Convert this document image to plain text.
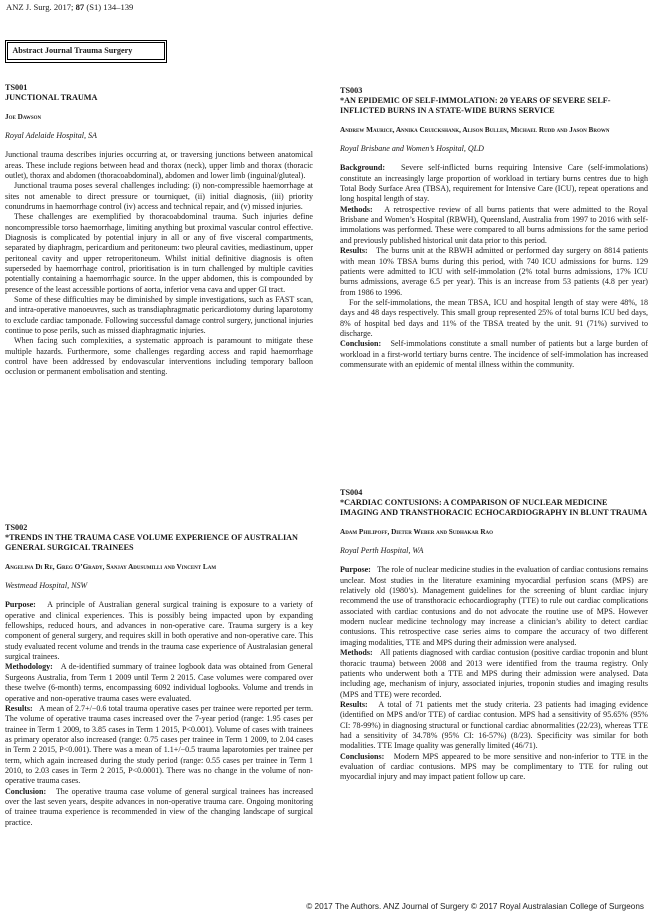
ANZ J. Surg. 2017; 87 (S1) 134–139
Abstract Journal Trauma Surgery

TS001

JUNCTIONAL TRAUMA

Joe Dawson

Royal Adelaide Hospital, SA

Junctional trauma describes injuries occurring at, or traversing junctions between anatomical areas. These include regions between head and thorax (neck), upper limb and thorax (thoracic outlet), thorax and abdomen (thoracoabdominal), abdomen and lower limb (inguinal/gluteal).

Junctional trauma poses several challenges including: (i) non-compressible haemorrhage at sites not amenable to direct pressure or tourniquet, (ii) initial diagnosis, (iii) priority conundrums in haemorrhage control (iv) access and technical repair, and (v) missed injuries.

These challenges are exemplified by thoracoabdominal trauma. Such injuries define noncompressible torso haemorrhage, limiting anything but proximal vascular control effective. Diagnosis is complicated by potential injury in all or any of five visceral compartments, separated by diaphragm, pericardium and peritoneum: two pleural cavities, mediastinum, upper peritoneal cavity and upper retroperitoneum. Whilst initial definitive diagnosis is often superseded by haemorrhage control, prioritisation is in turn challenged by multiple cavities potentially containing a haemorrhagic source. In the upper abdomen, this is compounded by presence of the least accessible portions of aorta, inferior vena cava and upper GI tract.

Some of these difficulties may be diminished by simple investigations, such as FAST scan, and intra-operative manoeuvres, such as transdiaphragmatic pericardiotomy during laparotomy to exclude cardiac tamponade. Following successful damage control surgery, junctional injuries continue to pose perils, such as missed diaphragmatic injuries.

When facing such complexities, a systematic approach is paramount to mitigate these multiple hazards. Furthermore, some challenges regarding access and rapid haemorrhage control have been addressed by endovascular interventions including temporary balloon occlusion or permanent embolisation and stenting.

TS002

*TRENDS IN THE TRAUMA CASE VOLUME EXPERIENCE OF AUSTRALIAN GENERAL SURGICAL TRAINEES

Angelina Di Re, Greg O’Grady, Sanjay Adusumilli and Vincent Lam

Westmead Hospital, NSW

Purpose: A principle of Australian general surgical training is exposure to a variety of operative and clinical experiences. This is possibly being impacted upon by expanding fellowships, reduced hours, and advances in non-operative care. Trauma surgery is a key component of general surgery, and requires skill in both operative and non-operative care. This study evaluated recent volume and trends in the trauma case experience of Australasian general surgical trainees.

Methodology: A de-identified summary of trainee logbook data was obtained from General Surgeons Australia, from Term 1 2009 until Term 2 2015. Case volumes were compared over these twelve (6-month) terms, encompassing 6092 individual logbooks. Volume and trends in operative and non-operative trauma cases were evaluated.

Results: A mean of 2.7+/−0.6 total trauma operative cases per trainee were reported per term. The volume of operative trauma cases increased over the 7-year period (range: 1.95 cases per trainee in Term 1 2009, to 3.85 cases in Term 1 2015, P<0.001). Volume of cases with trainees as primary operator also increased (range: 0.75 cases per trainee in Term 1 2009, to 2.04 cases in Term 2 2015, P<0.001). There was a mean of 1.1+/−0.5 trauma laparotomies per trainee per term, which again increased during the study period (range: 0.55 cases per trainee in Term 1 2010, to 2.03 cases in Term 2 2015, P<0.0001). There was no change in the volume of non-operative trauma cases.

Conclusion: The operative trauma case volume of general surgical trainees has increased over the last seven years, despite advances in non-operative trauma care. Ongoing monitoring of trainee trauma experience is recommended in view of the changing landscape of surgical practice.

TS003

*AN EPIDEMIC OF SELF-IMMOLATION: 20 YEARS OF SEVERE SELF-INFLICTED BURNS IN A STATE-WIDE BURNS SERVICE

Andrew Maurice, Annika Cruickshank, Alison Bullen, Michael Rudd and Jason Brown

Royal Brisbane and Women’s Hospital, QLD

Background: Severe self-inflicted burns requiring Intensive Care (self-immolations) constitute an increasingly large proportion of workload in tertiary burns centres due to high Total Body Surface Area (TBSA), requirement for Intensive Care (ICU), repeat operations and long hospital length of stay.

Methods: A retrospective review of all burns patients that were admitted to the Royal Brisbane and Women’s Hospital (RBWH), Queensland, Australia from 1997 to 2016 with self-immolations was performed. These were compared to all burns admissions for the same period and previously published historical unit data prior to this period.

Results: The burns unit at the RBWH admitted or performed day surgery on 8814 patients with mean 10% TBSA burns during this period, with 740 ICU admissions for burns. 129 patients were admitted to ICU with self-immolation (2% total burns admissions, 17% ICU burns admissions, average 6.5 per year). This is an increase from 53 patients (4.8 per year) from 1986 to 1996.

For the self-immolations, the mean TBSA, ICU and hospital length of stay were 48%, 18 days and 48 days respectively. This small group represented 25% of total burns ICU bed days, 8% of hospital bed days and 11% of the TBSA treated by the unit. 91 (71%) survived to discharge.

Conclusion: Self-immolations constitute a small number of patients but a large burden of workload in a first-world tertiary burns centre. The incidence of self-immolation has increased commensurate with an epidemic of mental illness within the community.

TS004

*CARDIAC CONTUSIONS: A COMPARISON OF NUCLEAR MEDICINE IMAGING AND TRANSTHORACIC ECHOCARDIOGRAPHY IN BLUNT TRAUMA

Adam Philipoff, Dieter Weber and Sudhakar Rao

Royal Perth Hospital, WA

Purpose: The role of nuclear medicine studies in the evaluation of cardiac contusions remains unclear. Most studies in the literature examining myocardial perfusion scans (MPS) are relatively old (1980’s). Management guidelines for the screening of blunt cardiac injury recommend the use of transthoracic echocardiography (TTE) to rule out cardiac complications associated with cardiac contusions and do not advocate the routine use of MPS. However modern nuclear medicine technology may increase a clinician’s ability to detect cardiac contusions. This retrospective case series aims to compare the accuracy of two different imaging modalities, TTE and MPS during their admission were analysed.

Methods: All patients diagnosed with cardiac contusion (positive cardiac troponin and blunt thoracic trauma) between 2008 and 2013 were identified from the trauma registry. Only patients who underwent both a TTE and MPS during their admission were analysed. Data including age, mechanism of injury, associated injuries, troponin studies and imaging results (MPS and TTE) were recorded.

Results: A total of 71 patients met the study criteria. 23 patients had imaging evidence (identified on MPS and/or TTE) of cardiac contusion. MPS had a sensitivity of 95.65% (95% CI: 78-99%) in diagnosing structural or functional cardiac abnormalities (22/23), whereas TTE had a sensitivity of 34.78% (95% CI: 16-57%) (8/23). Specificity was similar for both modalities. TTE Image quality was generally limited (46/71).

Conclusions: Modern MPS appeared to be more sensitive and non-inferior to TTE in the evaluation of cardiac contusions. MPS may be complimentary to TTE for ruling out myocardial injury and may impact patient follow up care.

© 2017 The Authors. ANZ Journal of Surgery © 2017 Royal Australasian College of Surgeons
